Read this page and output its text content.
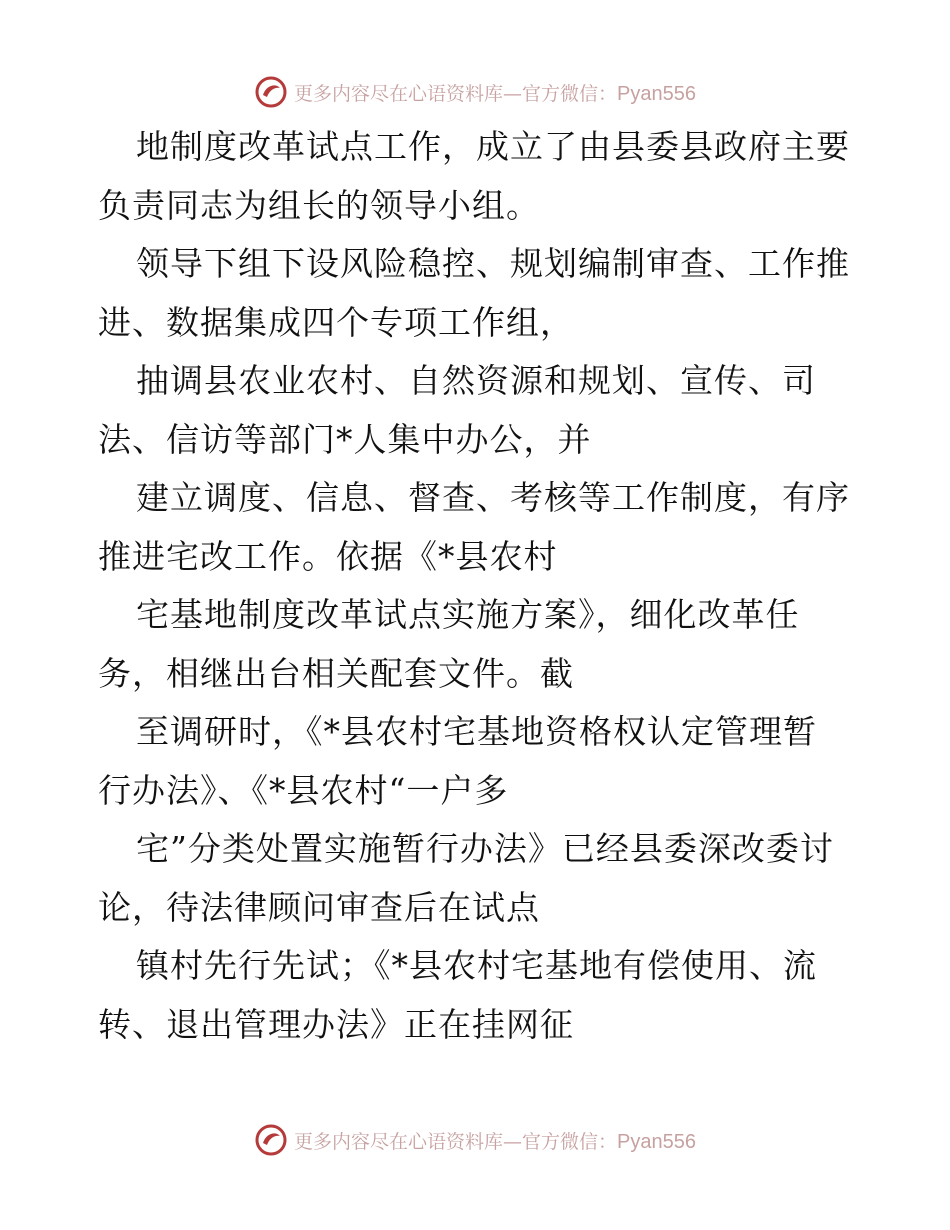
更多内容尽在心语资料库—官方微信：Pyan556
地制度改革试点工作，成立了由县委县政府主要
负责同志为组长的领导小组。
领导下组下设风险稳控、规划编制审查、工作推
进、数据集成四个专项工作组，
抽调县农业农村、自然资源和规划、宣传、司
法、信访等部门*人集中办公，并
建立调度、信息、督查、考核等工作制度，有序
推进宅改工作。依据《*县农村
宅基地制度改革试点实施方案》，细化改革任
务，相继出台相关配套文件。截
至调研时，《*县农村宅基地资格权认定管理暂
行办法》、《*县农村“一户多
宅”分类处置实施暂行办法》已经县委深改委讨
论，待法律顾问审查后在试点
镇村先行先试；《*县农村宅基地有偿使用、流
转、退出管理办法》正在挂网征
更多内容尽在心语资料库—官方微信：Pyan556
